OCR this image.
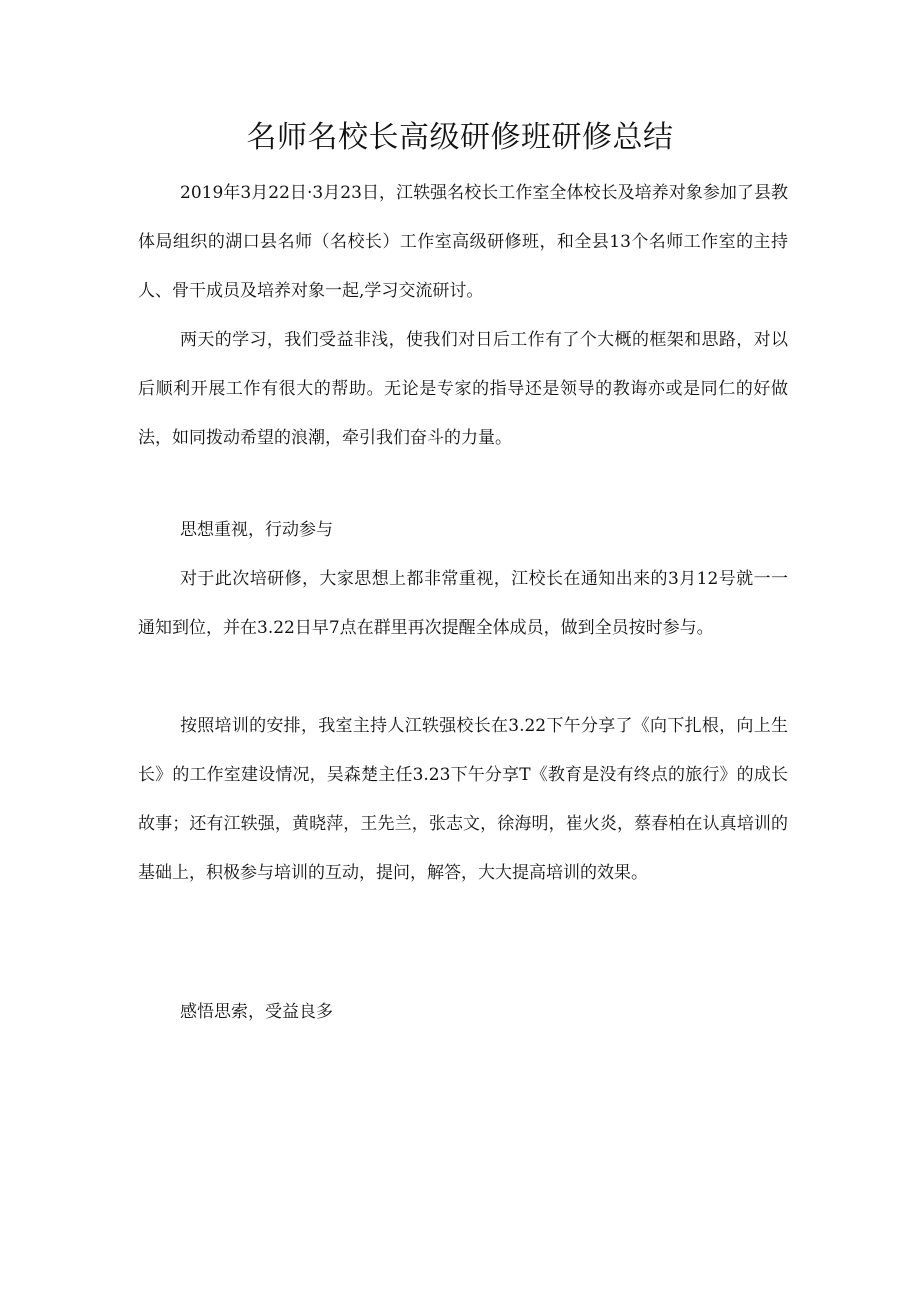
名师名校长高级研修班研修总结

2019年3月22日·3月23日，江轶强名校长工作室全体校长及培养对象参加了县教体局组织的湖口县名师（名校长）工作室高级研修班，和全县13个名师工作室的主持人、骨干成员及培养对象一起,学习交流研讨。

两天的学习，我们受益非浅，使我们对日后工作有了个大概的框架和思路，对以后顺利开展工作有很大的帮助。无论是专家的指导还是领导的教诲亦或是同仁的好做法，如同拨动希望的浪潮，牵引我们奋斗的力量。

思想重视，行动参与

对于此次培研修，大家思想上都非常重视，江校长在通知出来的3月12号就一一通知到位，并在3.22日早7点在群里再次提醒全体成员，做到全员按时参与。

按照培训的安排，我室主持人江轶强校长在3.22下午分享了《向下扎根，向上生长》的工作室建设情况，吴森楚主任3.23下午分享T《教育是没有终点的旅行》的成长故事；还有江轶强，黄晓萍，王先兰，张志文，徐海明，崔火炎，蔡春柏在认真培训的基础上，积极参与培训的互动，提问，解答，大大提高培训的效果。

感悟思索，受益良多
